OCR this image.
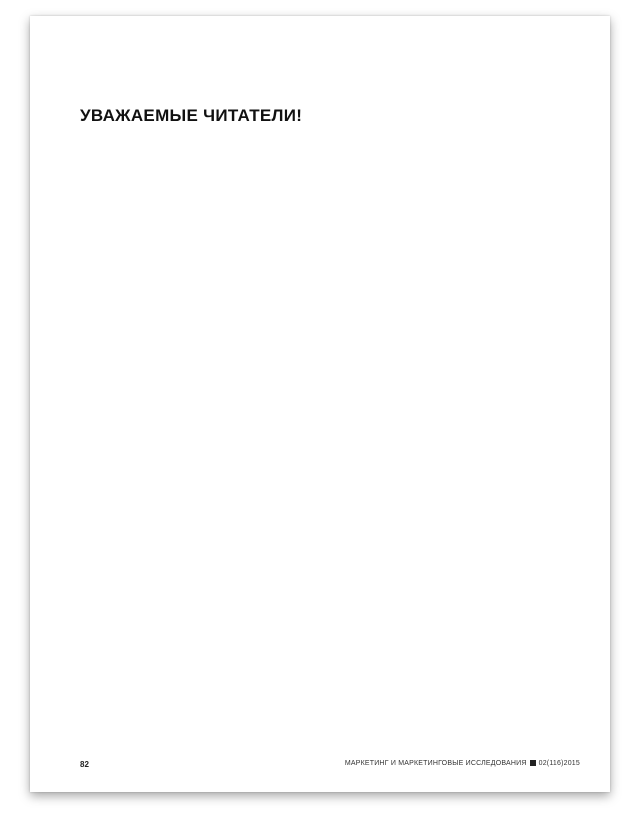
УВАЖАЕМЫЕ ЧИТАТЕЛИ!
82	МАРКЕТИНГ И МАРКЕТИНГОВЫЕ ИССЛЕДОВАНИЯ 02(116)2015
